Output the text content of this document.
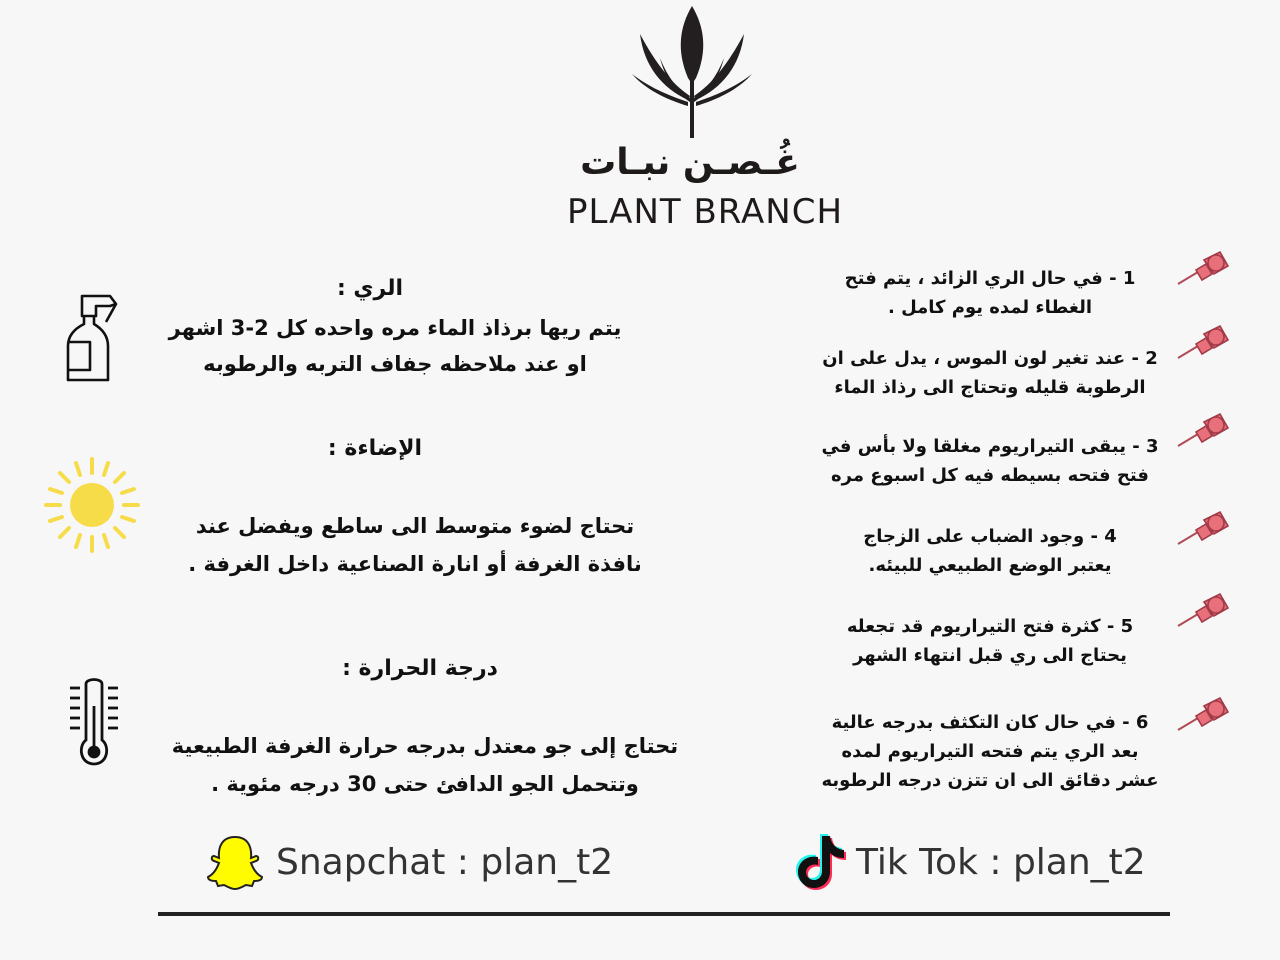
غُـصـن نبـات
PLANT BRANCH
الري :
يتم ريها برذاذ الماء مره واحده كل 2-3 اشهر
او عند ملاحظه جفاف التربه والرطوبه
الإضاءة :
تحتاج لضوء متوسط الى ساطع ويفضل عند
نافذة الغرفة أو انارة الصناعية داخل الغرفة .
درجة الحرارة :
تحتاج إلى جو معتدل بدرجه حرارة الغرفة الطبيعية
وتتحمل الجو الدافئ حتى 30 درجه مئوية .
1 - في حال الري الزائد ، يتم فتح
الغطاء لمده يوم كامل .
2 - عند تغير لون الموس ، يدل على ان
الرطوبة قليله وتحتاج الى رذاذ الماء
3 - يبقى التيراريوم مغلقا ولا بأس في
فتح فتحه بسيطه فيه كل اسبوع مره
4 - وجود الضباب على الزجاج
يعتبر الوضع الطبيعي للبيئه.
5 - كثرة فتح التيراريوم قد تجعله
يحتاج الى ري قبل انتهاء الشهر
6 - في حال كان التكثف بدرجه عالية
بعد الري يتم فتحه التيراريوم لمده
عشر دقائق الى ان تتزن درجه الرطوبه
Snapchat : plan_t2	Tik Tok : plan_t2
